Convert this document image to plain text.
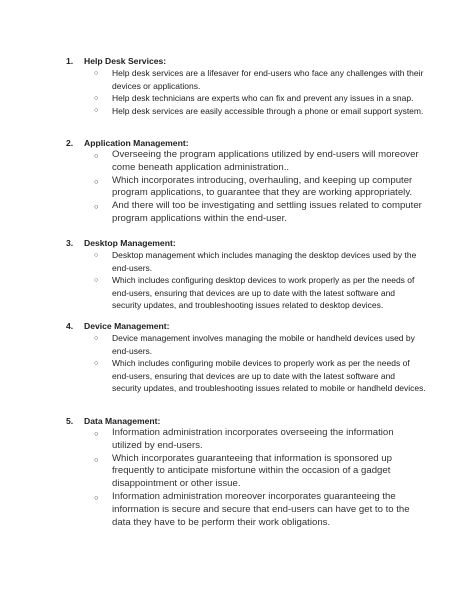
1. Help Desk Services:
○ Help desk services are a lifesaver for end-users who face any challenges with their devices or applications.
○ Help desk technicians are experts who can fix and prevent any issues in a snap.
○ Help desk services are easily accessible through a phone or email support system.
2. Application Management:
○ Overseeing the program applications utilized by end-users will moreover come beneath application administration..
○ Which incorporates introducing, overhauling, and keeping up computer program applications, to guarantee that they are working appropriately.
○ And there will too be investigating and settling issues related to computer program applications within the end-user.
3. Desktop Management:
○ Desktop management which includes managing the desktop devices used by the end-users.
○ Which includes configuring desktop devices to work properly as per the needs of end-users, ensuring that devices are up to date with the latest software and security updates, and troubleshooting issues related to desktop devices.
4. Device Management:
○ Device management involves managing the mobile or handheld devices used by end-users.
○ Which includes configuring mobile devices to properly work as per the needs of end-users, ensuring that devices are up to date with the latest software and security updates, and troubleshooting issues related to mobile or handheld devices.
5. Data Management:
○ Information administration incorporates overseeing the information utilized by end-users.
○ Which incorporates guaranteeing that information is sponsored up frequently to anticipate misfortune within the occasion of a gadget disappointment or other issue.
○ Information administration moreover incorporates guaranteeing the information is secure and secure that end-users can have get to to the data they have to be perform their work obligations.
